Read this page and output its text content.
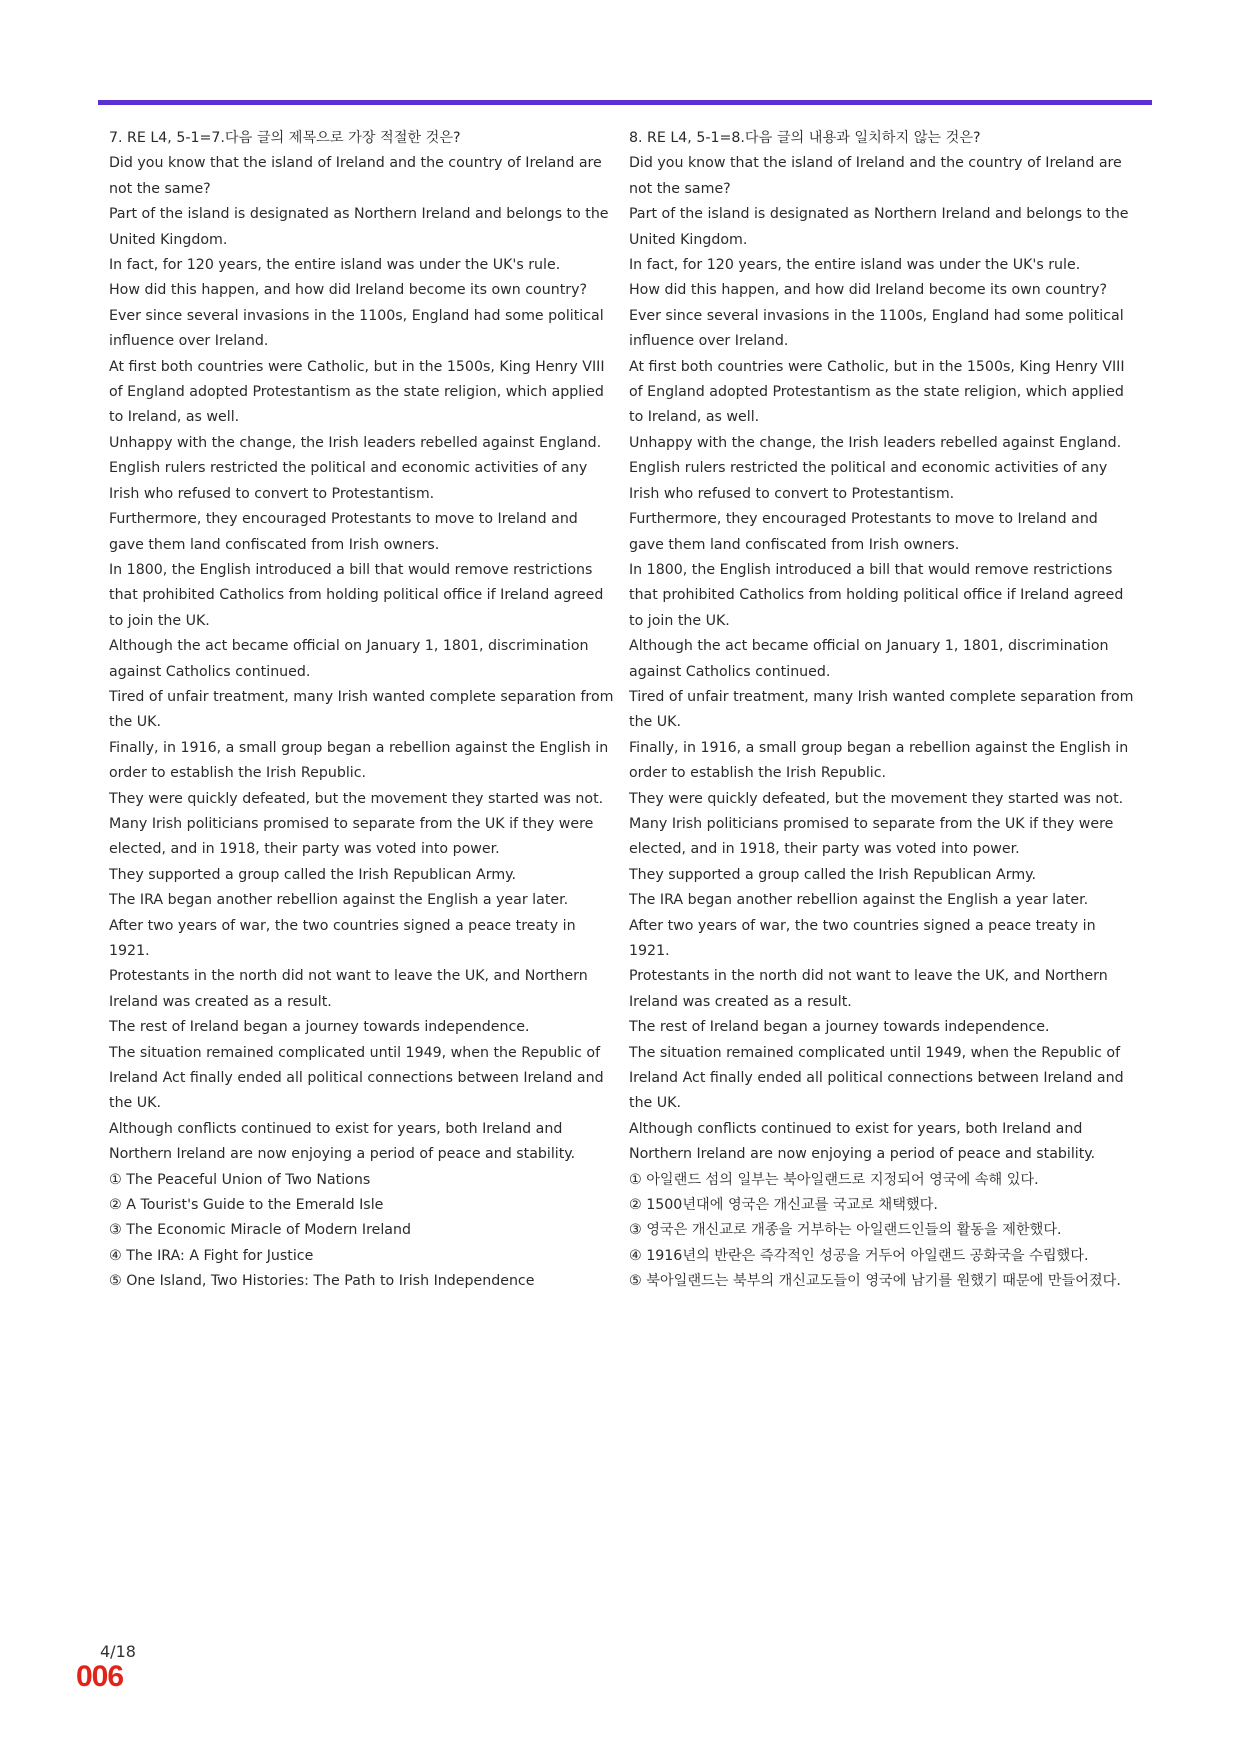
7. RE L4, 5-1=7.다음 글의 제목으로 가장 적절한 것은?

Did you know that the island of Ireland and the country of Ireland are not the same?

Part of the island is designated as Northern Ireland and belongs to the United Kingdom.

In fact, for 120 years, the entire island was under the UK's rule.

How did this happen, and how did Ireland become its own country?

Ever since several invasions in the 1100s, England had some political influence over Ireland.

At first both countries were Catholic, but in the 1500s, King Henry VIII of England adopted Protestantism as the state religion, which applied to Ireland, as well.

Unhappy with the change, the Irish leaders rebelled against England.

English rulers restricted the political and economic activities of any Irish who refused to convert to Protestantism.

Furthermore, they encouraged Protestants to move to Ireland and gave them land confiscated from Irish owners.

In 1800, the English introduced a bill that would remove restrictions that prohibited Catholics from holding political office if Ireland agreed to join the UK.

Although the act became official on January 1, 1801, discrimination against Catholics continued.

Tired of unfair treatment, many Irish wanted complete separation from the UK.

Finally, in 1916, a small group began a rebellion against the English in order to establish the Irish Republic.

They were quickly defeated, but the movement they started was not.

Many Irish politicians promised to separate from the UK if they were elected, and in 1918, their party was voted into power.

They supported a group called the Irish Republican Army.

The IRA began another rebellion against the English a year later.

After two years of war, the two countries signed a peace treaty in 1921.

Protestants in the north did not want to leave the UK, and Northern Ireland was created as a result.

The rest of Ireland began a journey towards independence.

The situation remained complicated until 1949, when the Republic of Ireland Act finally ended all political connections between Ireland and the UK.

Although conflicts continued to exist for years, both Ireland and Northern Ireland are now enjoying a period of peace and stability.

① The Peaceful Union of Two Nations

② A Tourist's Guide to the Emerald Isle

③ The Economic Miracle of Modern Ireland

④ The IRA: A Fight for Justice

⑤ One Island, Two Histories: The Path to Irish Independence

8. RE L4, 5-1=8.다음 글의 내용과 일치하지 않는 것은?

Did you know that the island of Ireland and the country of Ireland are not the same?

Part of the island is designated as Northern Ireland and belongs to the United Kingdom.

In fact, for 120 years, the entire island was under the UK's rule.

How did this happen, and how did Ireland become its own country?

Ever since several invasions in the 1100s, England had some political influence over Ireland.

At first both countries were Catholic, but in the 1500s, King Henry VIII of England adopted Protestantism as the state religion, which applied to Ireland, as well.

Unhappy with the change, the Irish leaders rebelled against England.

English rulers restricted the political and economic activities of any Irish who refused to convert to Protestantism.

Furthermore, they encouraged Protestants to move to Ireland and gave them land confiscated from Irish owners.

In 1800, the English introduced a bill that would remove restrictions that prohibited Catholics from holding political office if Ireland agreed to join the UK.

Although the act became official on January 1, 1801, discrimination against Catholics continued.

Tired of unfair treatment, many Irish wanted complete separation from the UK.

Finally, in 1916, a small group began a rebellion against the English in order to establish the Irish Republic.

They were quickly defeated, but the movement they started was not.

Many Irish politicians promised to separate from the UK if they were elected, and in 1918, their party was voted into power.

They supported a group called the Irish Republican Army.

The IRA began another rebellion against the English a year later.

After two years of war, the two countries signed a peace treaty in 1921.

Protestants in the north did not want to leave the UK, and Northern Ireland was created as a result.

The rest of Ireland began a journey towards independence.

The situation remained complicated until 1949, when the Republic of Ireland Act finally ended all political connections between Ireland and the UK.

Although conflicts continued to exist for years, both Ireland and Northern Ireland are now enjoying a period of peace and stability.

① 아일랜드 섬의 일부는 북아일랜드로 지정되어 영국에 속해 있다.

② 1500년대에 영국은 개신교를 국교로 채택했다.

③ 영국은 개신교로 개종을 거부하는 아일랜드인들의 활동을 제한했다.

④ 1916년의 반란은 즉각적인 성공을 거두어 아일랜드 공화국을 수립했다.

⑤ 북아일랜드는 북부의 개신교도들이 영국에 남기를 원했기 때문에 만들어졌다.

4/18
006
